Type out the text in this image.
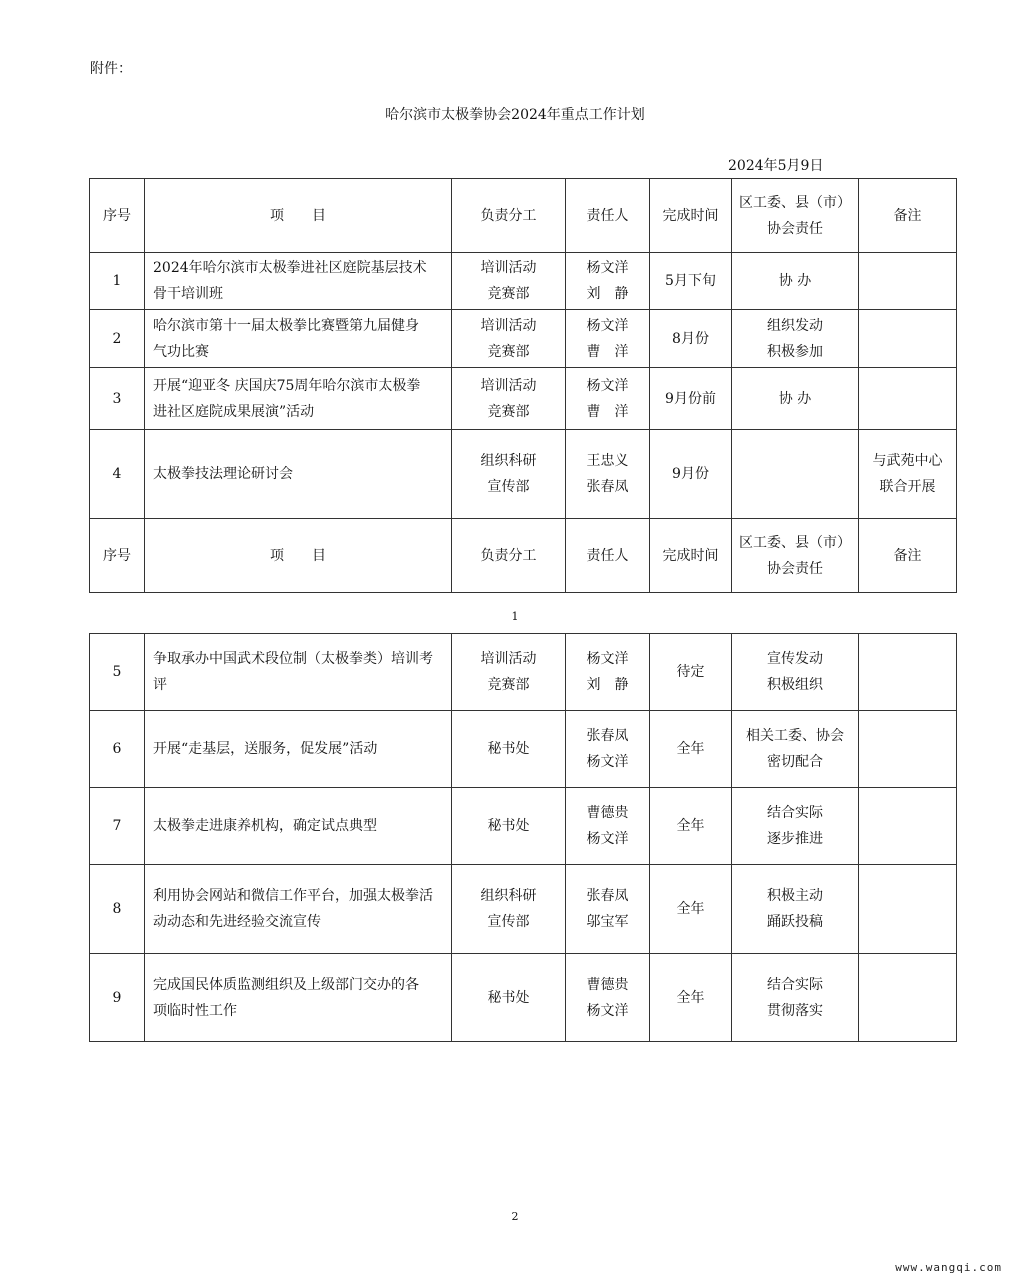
附件：
哈尔滨市太极拳协会2024年重点工作计划
2024年5月9日
序号	项　　目	负责分工	责任人	完成时间	区工委、县（市）
协会责任	备注
1	2024年哈尔滨市太极拳进社区庭院基层技术
骨干培训班	培训活动
竞赛部	杨文洋
刘　静	5月下旬	协 办	

2	哈尔滨市第十一届太极拳比赛暨第九届健身
气功比赛	培训活动
竞赛部	杨文洋
曹　洋	8月份	组织发动
积极参加	

3	开展“迎亚冬 庆国庆75周年哈尔滨市太极拳
进社区庭院成果展演”活动	培训活动
竞赛部	杨文洋
曹　洋	9月份前	协 办	

4	太极拳技法理论研讨会	组织科研
宣传部	王忠义
张春凤	9月份		与武苑中心
联合开展

序号	项　　目	负责分工	责任人	完成时间	区工委、县（市）
协会责任	备注
1
5	争取承办中国武术段位制（太极拳类）培训考
评	培训活动
竞赛部	杨文洋
刘　静	待定	宣传发动
积极组织	

6	开展“走基层，送服务，促发展”活动	秘书处	张春凤
杨文洋	全年	相关工委、协会
密切配合	

7	太极拳走进康养机构，确定试点典型	秘书处	曹德贵
杨文洋	全年	结合实际
逐步推进	

8	利用协会网站和微信工作平台，加强太极拳活
动动态和先进经验交流宣传	组织科研
宣传部	张春凤
邬宝军	全年	积极主动
踊跃投稿	

9	完成国民体质监测组织及上级部门交办的各
项临时性工作	秘书处	曹德贵
杨文洋	全年	结合实际
贯彻落实	

2
www.wangqi.com
